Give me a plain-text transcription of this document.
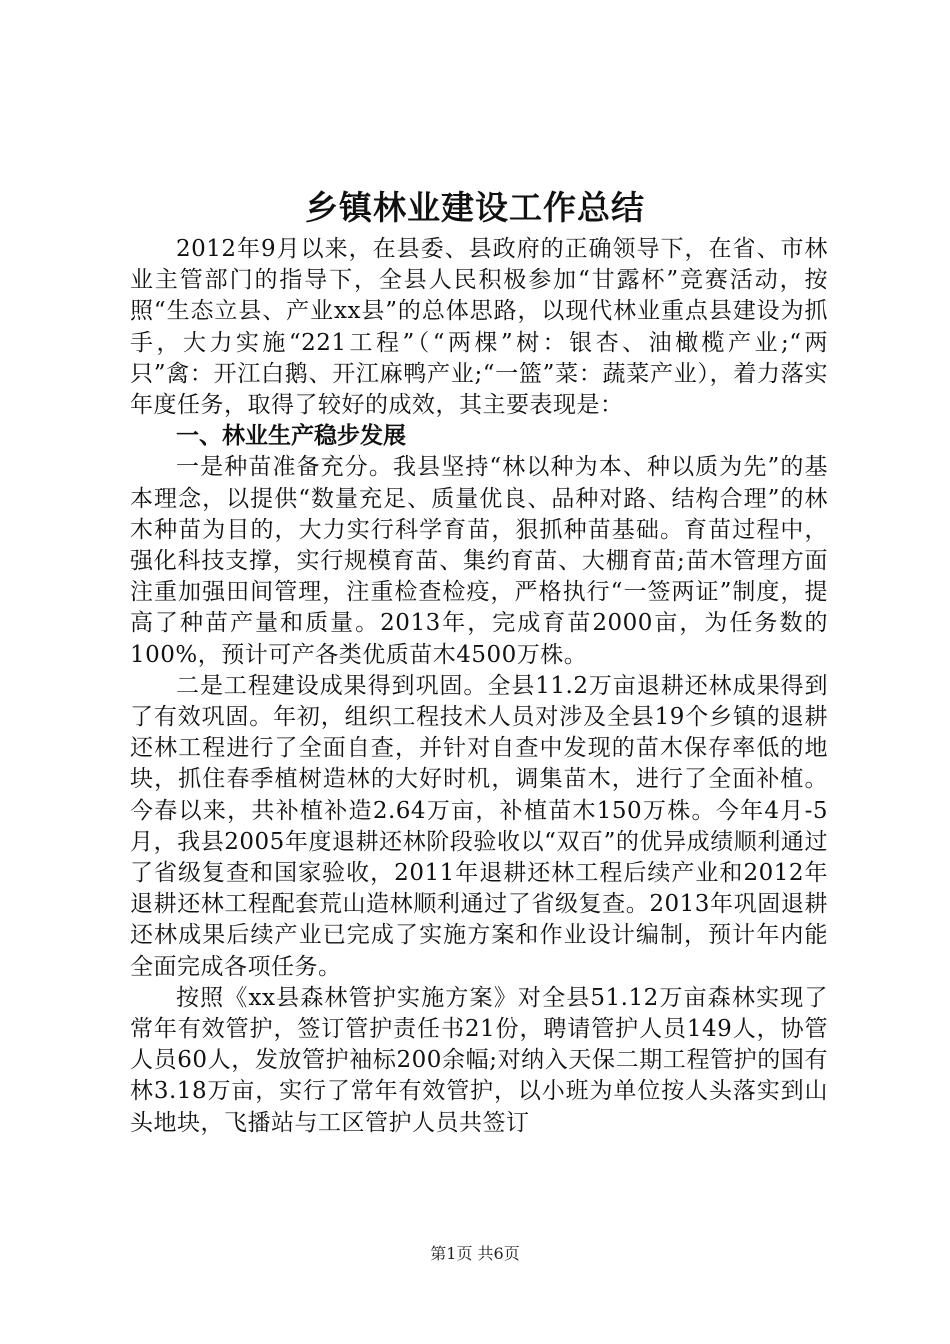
乡镇林业建设工作总结

2012年9月以来，在县委、县政府的正确领导下，在省、市林业主管部门的指导下，全县人民积极参加“甘露杯”竞赛活动，按照“生态立县、产业xx县”的总体思路，以现代林业重点县建设为抓手，大力实施“221工程”（“两棵”树：银杏、油橄榄产业;“两只”禽：开江白鹅、开江麻鸭产业;“一篮”菜：蔬菜产业），着力落实年度任务，取得了较好的成效，其主要表现是：

一、林业生产稳步发展

一是种苗准备充分。我县坚持“林以种为本、种以质为先”的基本理念，以提供“数量充足、质量优良、品种对路、结构合理”的林木种苗为目的，大力实行科学育苗，狠抓种苗基础。育苗过程中，强化科技支撑，实行规模育苗、集约育苗、大棚育苗;苗木管理方面注重加强田间管理，注重检查检疫，严格执行“一签两证”制度，提高了种苗产量和质量。2013年，完成育苗2000亩，为任务数的100%，预计可产各类优质苗木4500万株。

二是工程建设成果得到巩固。全县11.2万亩退耕还林成果得到了有效巩固。年初，组织工程技术人员对涉及全县19个乡镇的退耕还林工程进行了全面自查，并针对自查中发现的苗木保存率低的地块，抓住春季植树造林的大好时机，调集苗木，进行了全面补植。今春以来，共补植补造2.64万亩，补植苗木150万株。今年4月-5月，我县2005年度退耕还林阶段验收以“双百”的优异成绩顺利通过了省级复查和国家验收，2011年退耕还林工程后续产业和2012年退耕还林工程配套荒山造林顺利通过了省级复查。2013年巩固退耕还林成果后续产业已完成了实施方案和作业设计编制，预计年内能全面完成各项任务。

按照《xx县森林管护实施方案》对全县51.12万亩森林实现了常年有效管护，签订管护责任书21份，聘请管护人员149人，协管人员60人，发放管护袖标200余幅;对纳入天保二期工程管护的国有林3.18万亩，实行了常年有效管护，以小班为单位按人头落实到山头地块，飞播站与工区管护人员共签订

第1页 共6页
